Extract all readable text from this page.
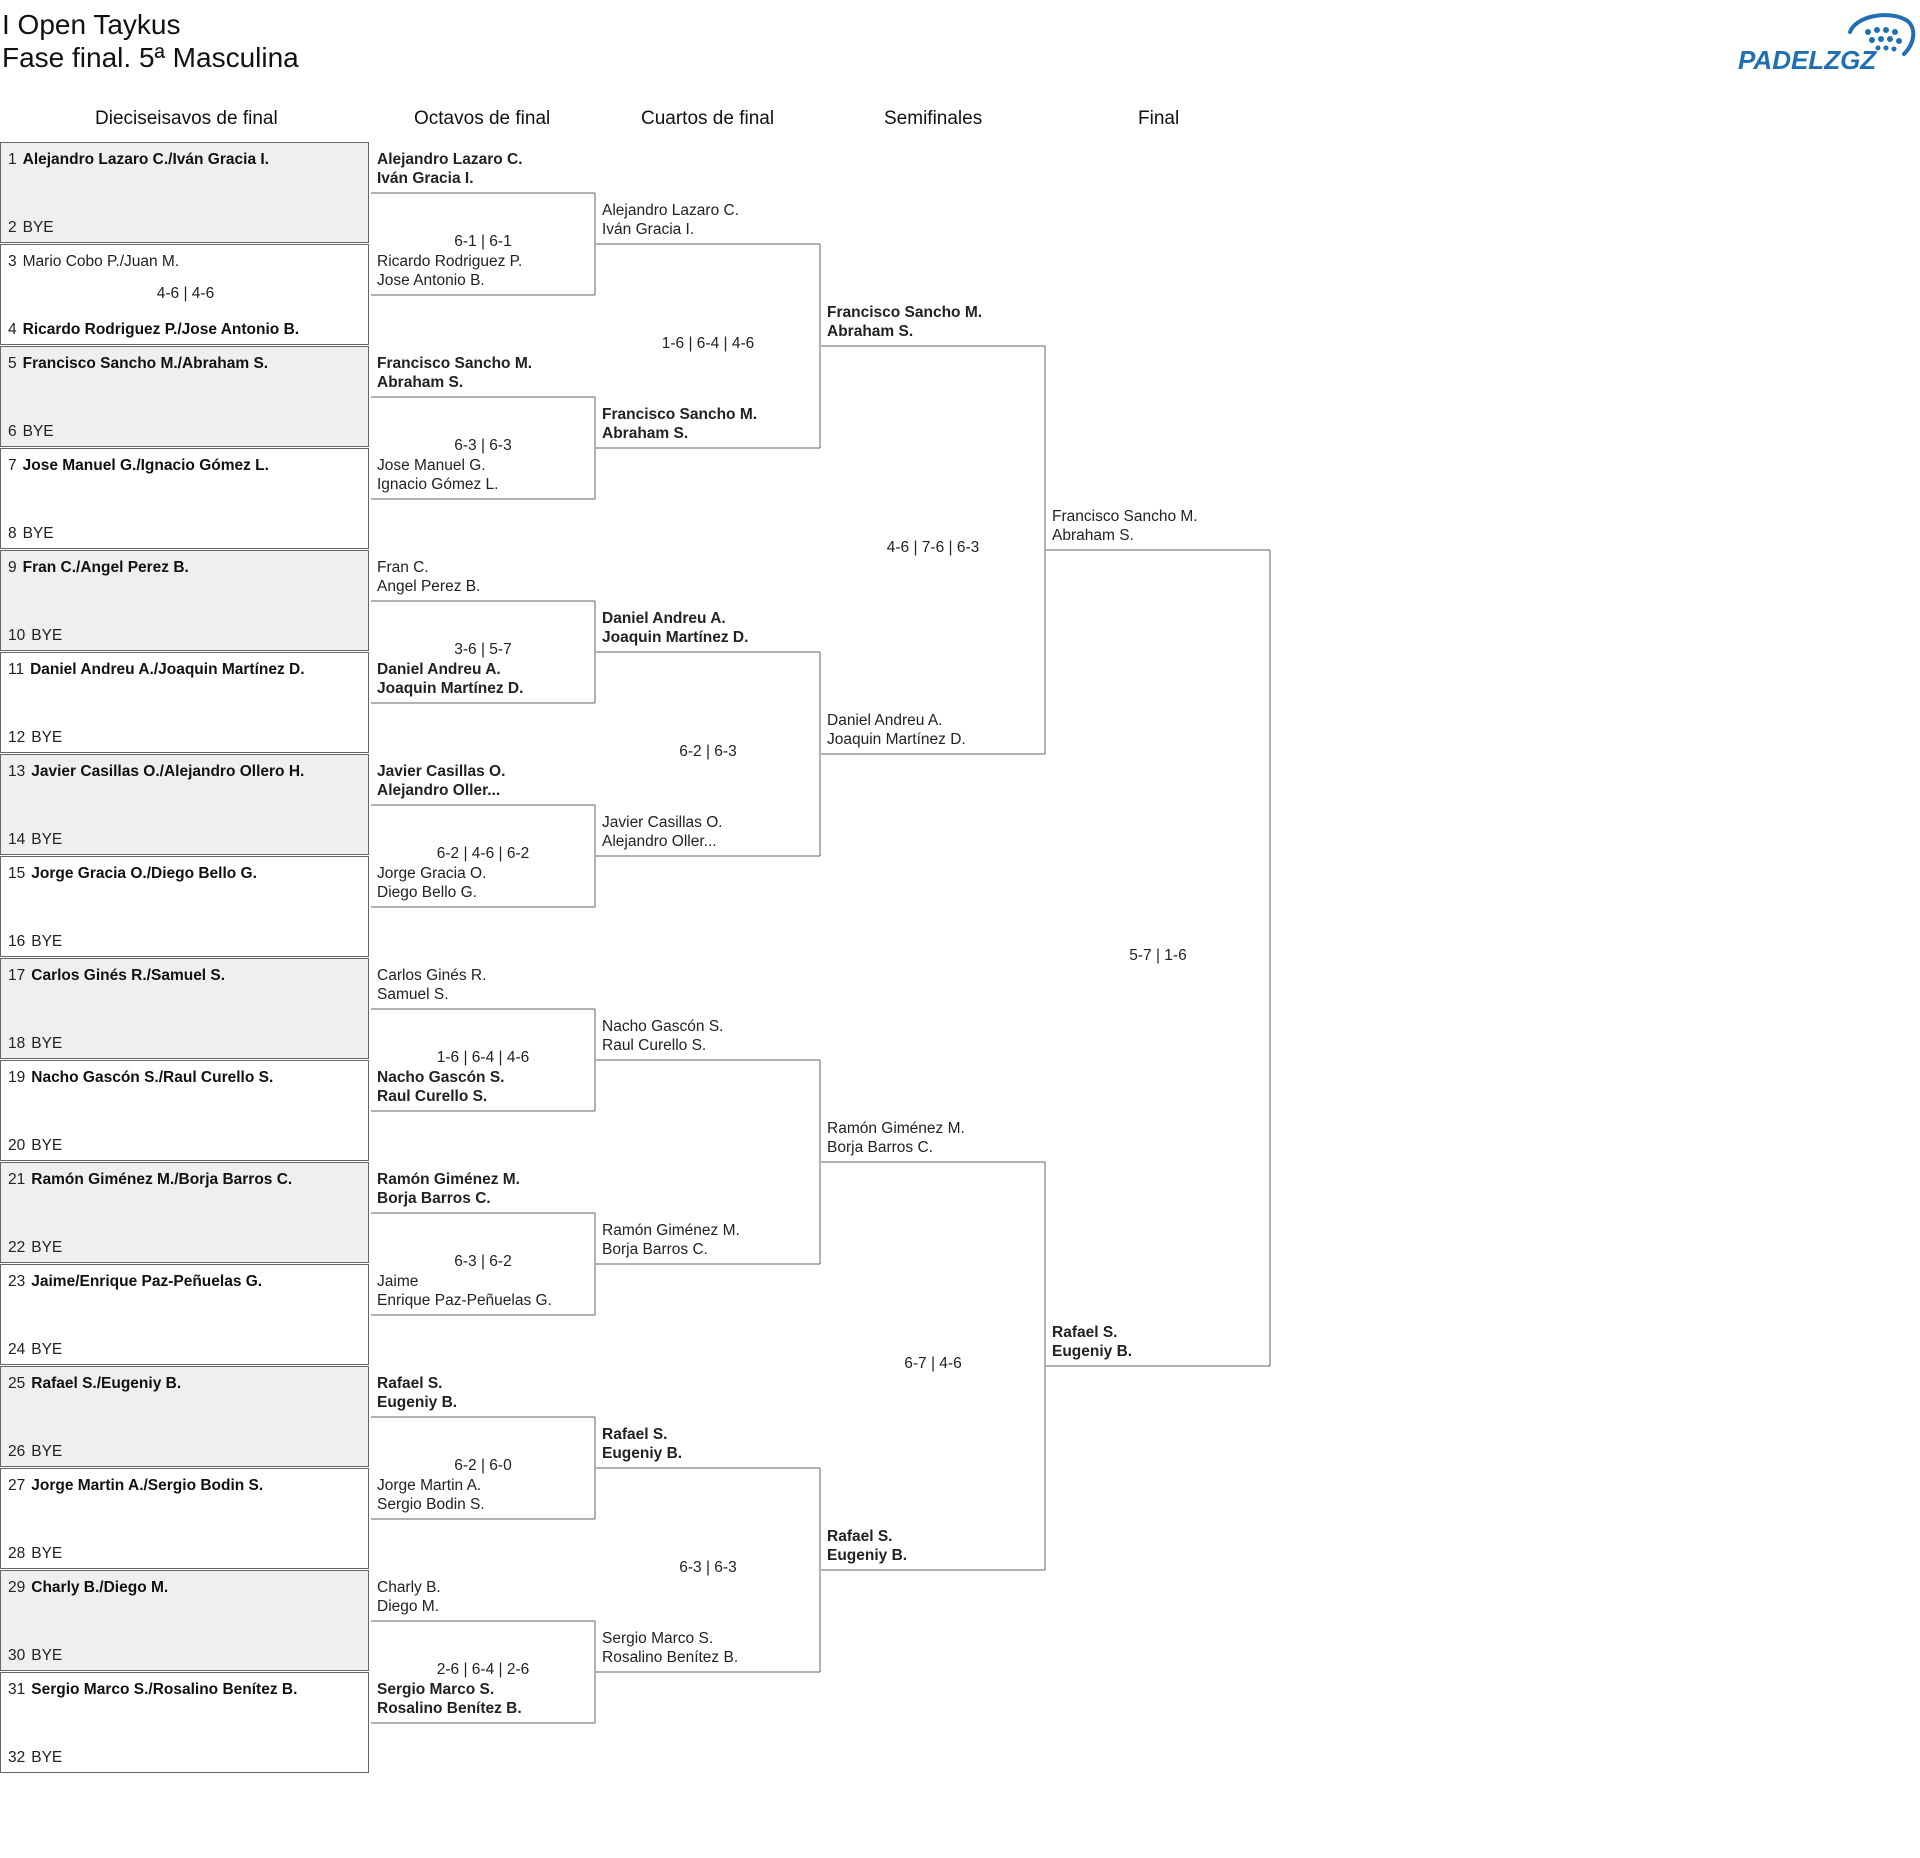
I Open Taykus
Fase final. 5ª Masculina	PADELZGZ
Dieciseisavos de final	Octavos de final	Cuartos de final	Semifinales	Final
1 Alejandro Lazaro C./Iván Gracia I.
2 BYE
3 Mario Cobo P./Juan M.
4 Ricardo Rodriguez P./Jose Antonio B.
4-6 | 4-6
5 Francisco Sancho M./Abraham S.
6 BYE
7 Jose Manuel G./Ignacio Gómez L.
8 BYE
9 Fran C./Angel Perez B.
10 BYE
11 Daniel Andreu A./Joaquin Martínez D.
12 BYE
13 Javier Casillas O./Alejandro Ollero H.
14 BYE
15 Jorge Gracia O./Diego Bello G.
16 BYE
17 Carlos Ginés R./Samuel S.
18 BYE
19 Nacho Gascón S./Raul Curello S.
20 BYE
21 Ramón Giménez M./Borja Barros C.
22 BYE
23 Jaime/Enrique Paz-Peñuelas G.
24 BYE
25 Rafael S./Eugeniy B.
26 BYE
27 Jorge Martin A./Sergio Bodin S.
28 BYE
29 Charly B./Diego M.
30 BYE
31 Sergio Marco S./Rosalino Benítez B.
32 BYE
Alejandro Lazaro C.
Iván Gracia I.
Ricardo Rodriguez P.
Jose Antonio B.
6-1 | 6-1
Francisco Sancho M.
Abraham S.
Jose Manuel G.
Ignacio Gómez L.
6-3 | 6-3
Fran C.
Angel Perez B.
Daniel Andreu A.
Joaquin Martínez D.
3-6 | 5-7
Javier Casillas O.
Alejandro Oller...
Jorge Gracia O.
Diego Bello G.
6-2 | 4-6 | 6-2
Carlos Ginés R.
Samuel S.
Nacho Gascón S.
Raul Curello S.
1-6 | 6-4 | 4-6
Ramón Giménez M.
Borja Barros C.
Jaime
Enrique Paz-Peñuelas G.
6-3 | 6-2
Rafael S.
Eugeniy B.
Jorge Martin A.
Sergio Bodin S.
6-2 | 6-0
Charly B.
Diego M.
Sergio Marco S.
Rosalino Benítez B.
2-6 | 6-4 | 2-6
Alejandro Lazaro C.
Iván Gracia I.
Francisco Sancho M.
Abraham S.
1-6 | 6-4 | 4-6
Daniel Andreu A.
Joaquin Martínez D.
Javier Casillas O.
Alejandro Oller...
6-2 | 6-3
Nacho Gascón S.
Raul Curello S.
Ramón Giménez M.
Borja Barros C.
Rafael S.
Eugeniy B.
Sergio Marco S.
Rosalino Benítez B.
6-3 | 6-3
Francisco Sancho M.
Abraham S.
Daniel Andreu A.
Joaquin Martínez D.
4-6 | 7-6 | 6-3
Ramón Giménez M.
Borja Barros C.
Rafael S.
Eugeniy B.
6-7 | 4-6
Francisco Sancho M.
Abraham S.
Rafael S.
Eugeniy B.
5-7 | 1-6
